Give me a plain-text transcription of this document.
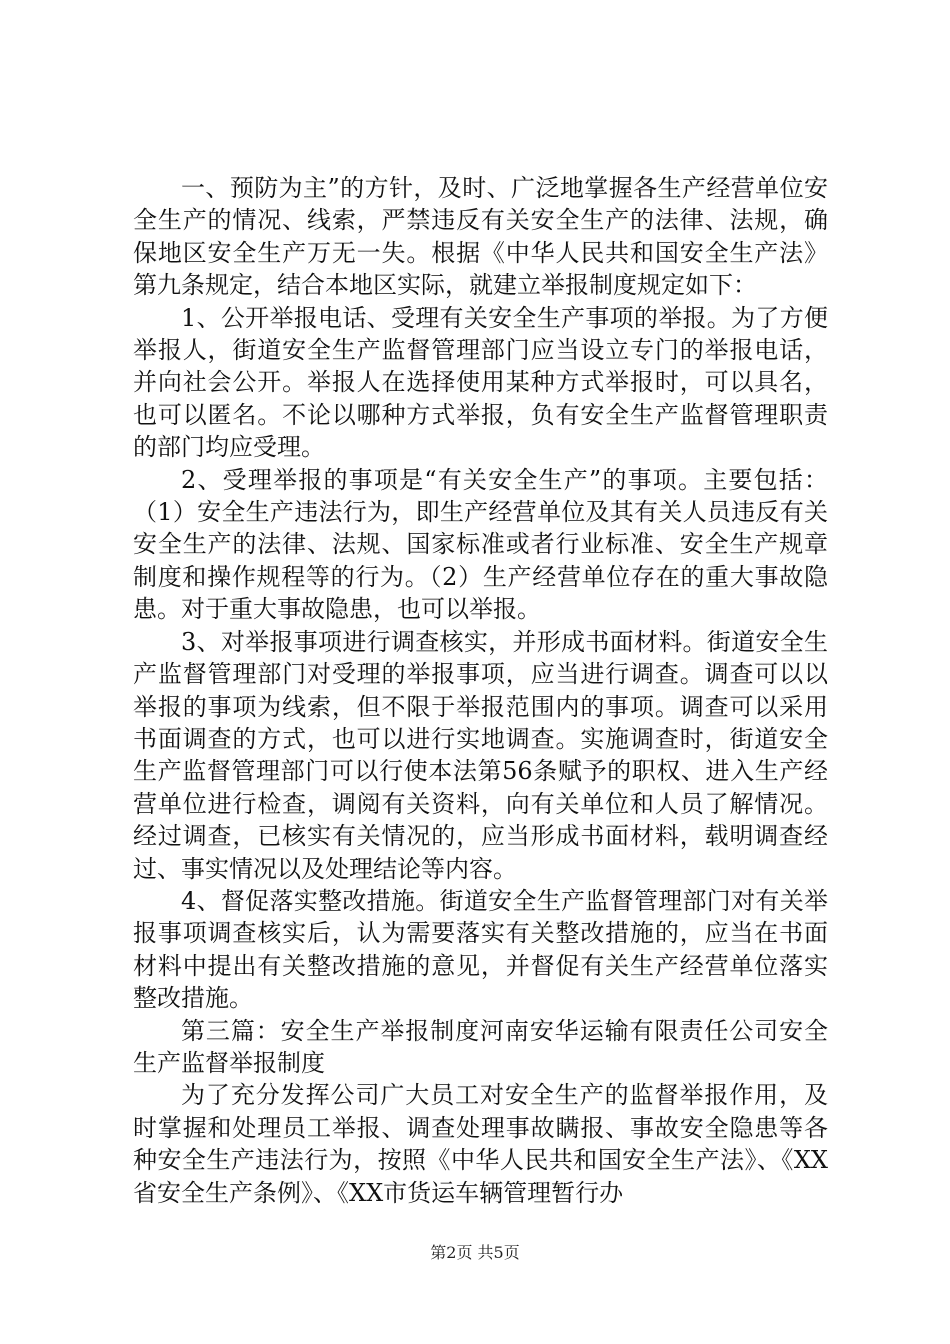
一、预防为主”的方针，及时、广泛地掌握各生产经营单位安全生产的情况、线索，严禁违反有关安全生产的法律、法规，确保地区安全生产万无一失。根据《中华人民共和国安全生产法》第九条规定，结合本地区实际，就建立举报制度规定如下：

1、公开举报电话、受理有关安全生产事项的举报。为了方便举报人，街道安全生产监督管理部门应当设立专门的举报电话，并向社会公开。举报人在选择使用某种方式举报时，可以具名，也可以匿名。不论以哪种方式举报，负有安全生产监督管理职责的部门均应受理。

2、受理举报的事项是“有关安全生产”的事项。主要包括：（1）安全生产违法行为，即生产经营单位及其有关人员违反有关安全生产的法律、法规、国家标准或者行业标准、安全生产规章制度和操作规程等的行为。（2）生产经营单位存在的重大事故隐患。对于重大事故隐患，也可以举报。

3、对举报事项进行调查核实，并形成书面材料。街道安全生产监督管理部门对受理的举报事项，应当进行调查。调查可以以举报的事项为线索，但不限于举报范围内的事项。调查可以采用书面调查的方式，也可以进行实地调查。实施调查时，街道安全生产监督管理部门可以行使本法第56条赋予的职权、进入生产经营单位进行检查，调阅有关资料，向有关单位和人员了解情况。经过调查，已核实有关情况的，应当形成书面材料，载明调查经过、事实情况以及处理结论等内容。

4、督促落实整改措施。街道安全生产监督管理部门对有关举报事项调查核实后，认为需要落实有关整改措施的，应当在书面材料中提出有关整改措施的意见，并督促有关生产经营单位落实整改措施。

第三篇：安全生产举报制度河南安华运输有限责任公司安全生产监督举报制度

为了充分发挥公司广大员工对安全生产的监督举报作用，及时掌握和处理员工举报、调查处理事故瞒报、事故安全隐患等各种安全生产违法行为，按照《中华人民共和国安全生产法》、《XX省安全生产条例》、《XX市货运车辆管理暂行办

第2页 共5页
